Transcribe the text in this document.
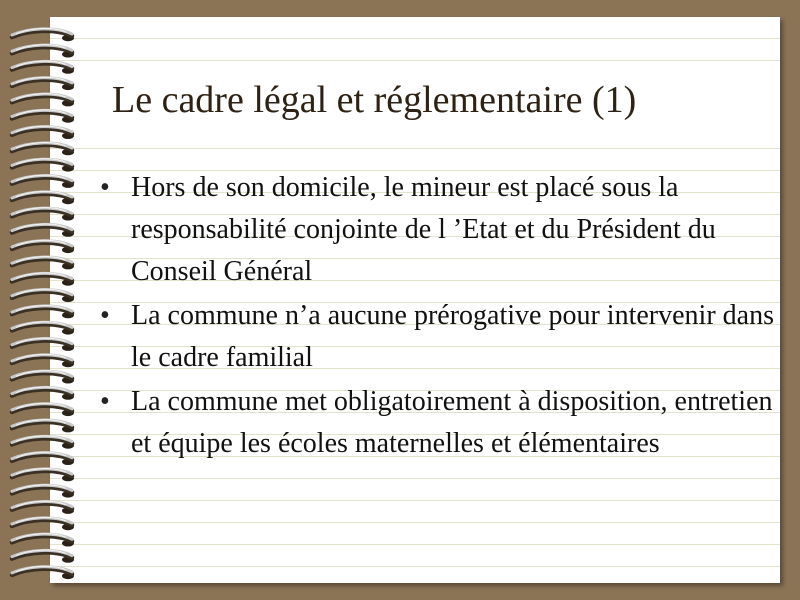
Le cadre légal et réglementaire (1)
• Hors de son domicile, le mineur est placé sous la responsabilité conjointe de l ’Etat et du Président du Conseil Général
• La commune n’a aucune prérogative pour intervenir dans le cadre familial
• La commune met obligatoirement à disposition, entretien et équipe les écoles maternelles et élémentaires
